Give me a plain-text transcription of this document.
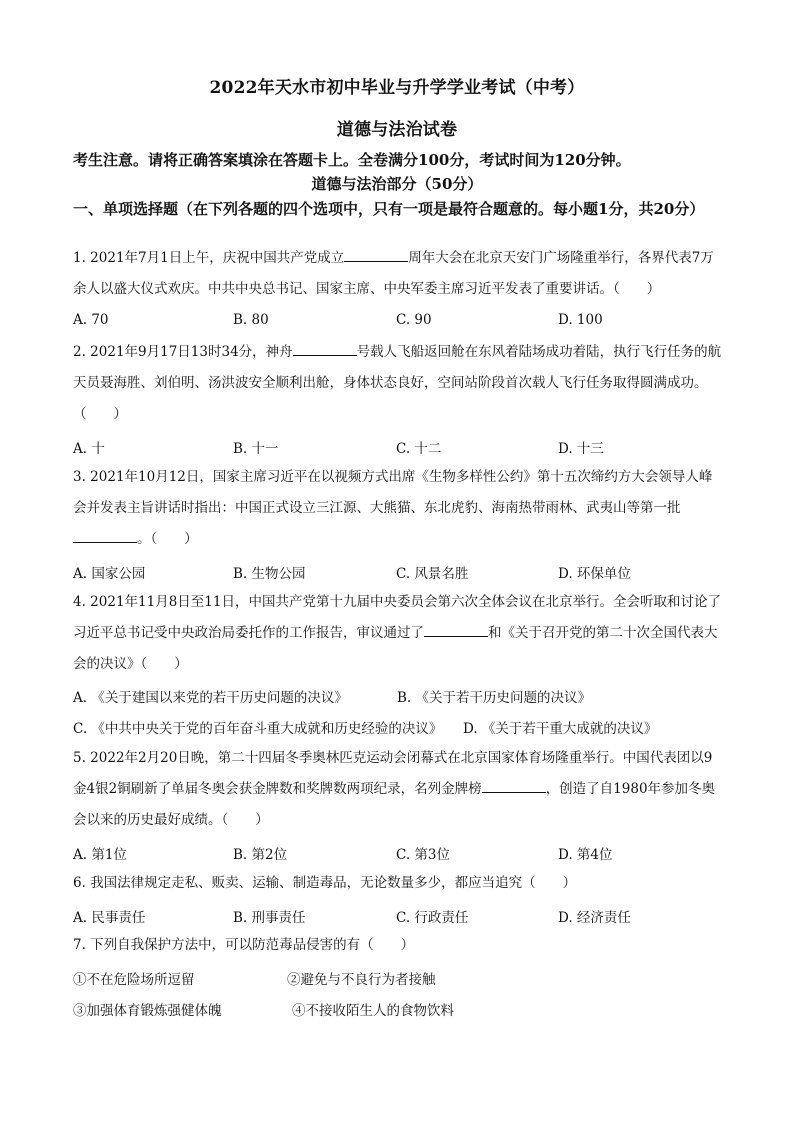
2022年天水市初中毕业与升学学业考试（中考）
道德与法治试卷
考生注意。请将正确答案填涂在答题卡上。全卷满分100分，考试时间为120分钟。
道德与法治部分（50分）
一、单项选择题（在下列各题的四个选项中，只有一项是最符合题意的。每小题1分，共20分）
1. 2021年7月1日上午，庆祝中国共产党成立	周年大会在北京天安门广场隆重举行，各界代表7万余人以盛大仪式欢庆。中共中央总书记、国家主席、中央军委主席习近平发表了重要讲话。（　　）
A. 70	B. 80	C. 90	D. 100
2. 2021年9月17日13时34分，神舟	号载人飞船返回舱在东风着陆场成功着陆，执行飞行任务的航天员聂海胜、刘伯明、汤洪波安全顺利出舱，身体状态良好，空间站阶段首次载人飞行任务取得圆满成功。（　　）
A. 十	B. 十一	C. 十二	D. 十三
3. 2021年10月12日，国家主席习近平在以视频方式出席《生物多样性公约》第十五次缔约方大会领导人峰会并发表主旨讲话时指出：中国正式设立三江源、大熊猫、东北虎豹、海南热带雨林、武夷山等第一批。（　　）
A. 国家公园	B. 生物公园	C. 风景名胜	D. 环保单位
4. 2021年11月8日至11日，中国共产党第十九届中央委员会第六次全体会议在北京举行。全会听取和讨论了习近平总书记受中央政治局委托作的工作报告，审议通过了	和《关于召开党的第二十次全国代表大会的决议》（　　）
A. 《关于建国以来党的若干历史问题的决议》	B. 《关于若干历史问题的决议》
C. 《中共中央关于党的百年奋斗重大成就和历史经验的决议》 D. 《关于若干重大成就的决议》
5. 2022年2月20日晚，第二十四届冬季奥林匹克运动会闭幕式在北京国家体育场隆重举行。中国代表团以9金4银2铜刷新了单届冬奥会获金牌数和奖牌数两项纪录，名列金牌榜	，创造了自1980年参加冬奥会以来的历史最好成绩。（　　）
A. 第1位	B. 第2位	C. 第3位	D. 第4位
6. 我国法律规定走私、贩卖、运输、制造毒品，无论数量多少，都应当追究（　　）
A. 民事责任	B. 刑事责任	C. 行政责任	D. 经济责任
7. 下列自我保护方法中，可以防范毒品侵害的有（　　）
①不在危险场所逗留	②避免与不良行为者接触
③加强体育锻炼强健体魄	④不接收陌生人的食物饮料
